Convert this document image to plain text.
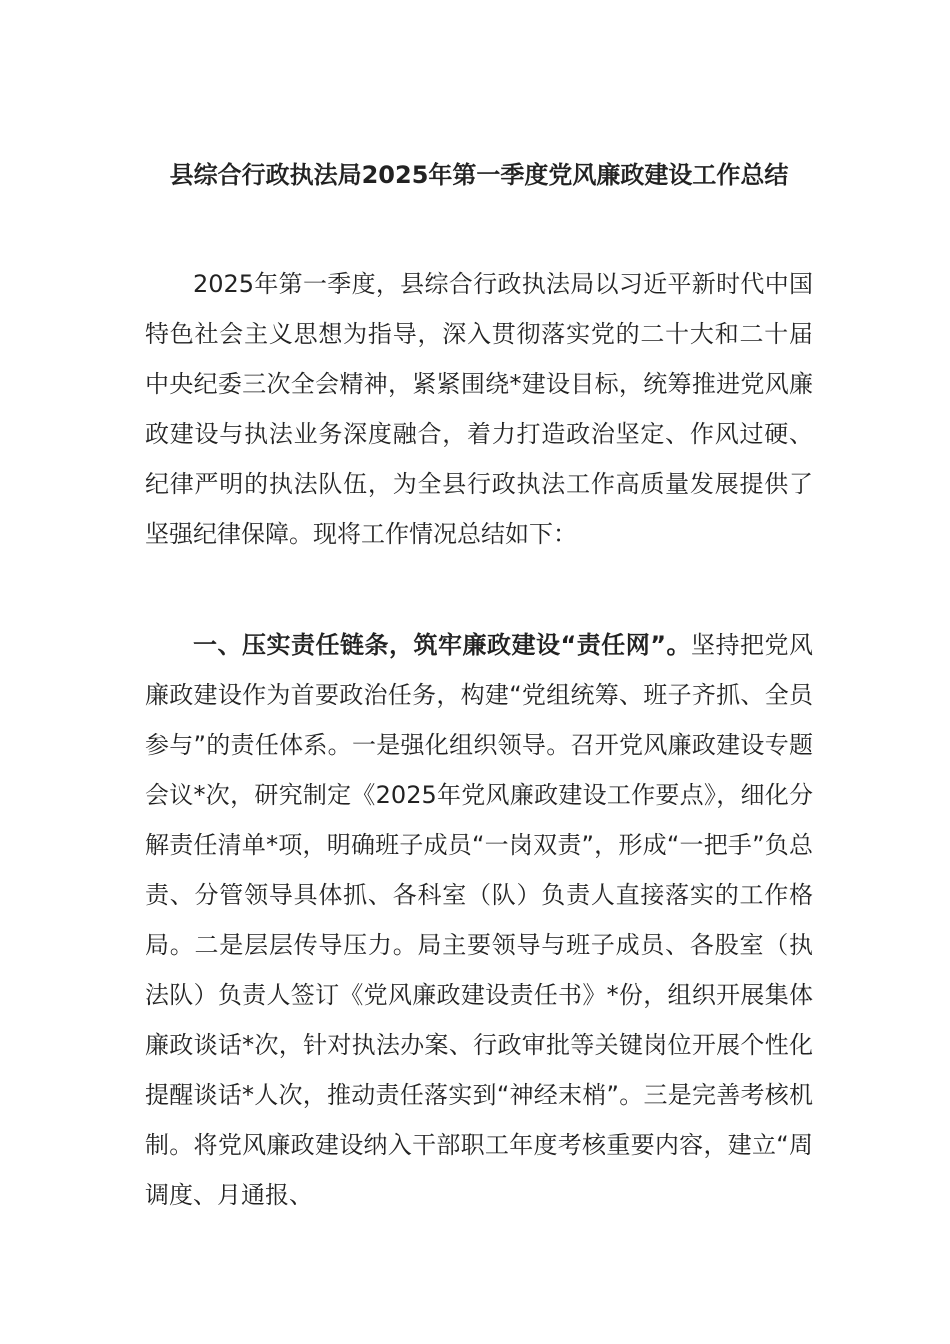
县综合行政执法局2025年第一季度党风廉政建设工作总结

2025年第一季度，县综合行政执法局以习近平新时代中国特色社会主义思想为指导，深入贯彻落实党的二十大和二十届中央纪委三次全会精神，紧紧围绕*建设目标，统筹推进党风廉政建设与执法业务深度融合，着力打造政治坚定、作风过硬、纪律严明的执法队伍，为全县行政执法工作高质量发展提供了坚强纪律保障。现将工作情况总结如下：

一、压实责任链条，筑牢廉政建设“责任网”。坚持把党风廉政建设作为首要政治任务，构建“党组统筹、班子齐抓、全员参与”的责任体系。一是强化组织领导。召开党风廉政建设专题会议*次，研究制定《2025年党风廉政建设工作要点》，细化分解责任清单*项，明确班子成员“一岗双责”，形成“一把手”负总责、分管领导具体抓、各科室（队）负责人直接落实的工作格局。二是层层传导压力。局主要领导与班子成员、各股室（执法队）负责人签订《党风廉政建设责任书》*份，组织开展集体廉政谈话*次，针对执法办案、行政审批等关键岗位开展个性化提醒谈话*人次，推动责任落实到“神经末梢”。三是完善考核机制。将党风廉政建设纳入干部职工年度考核重要内容，建立“周调度、月通报、
